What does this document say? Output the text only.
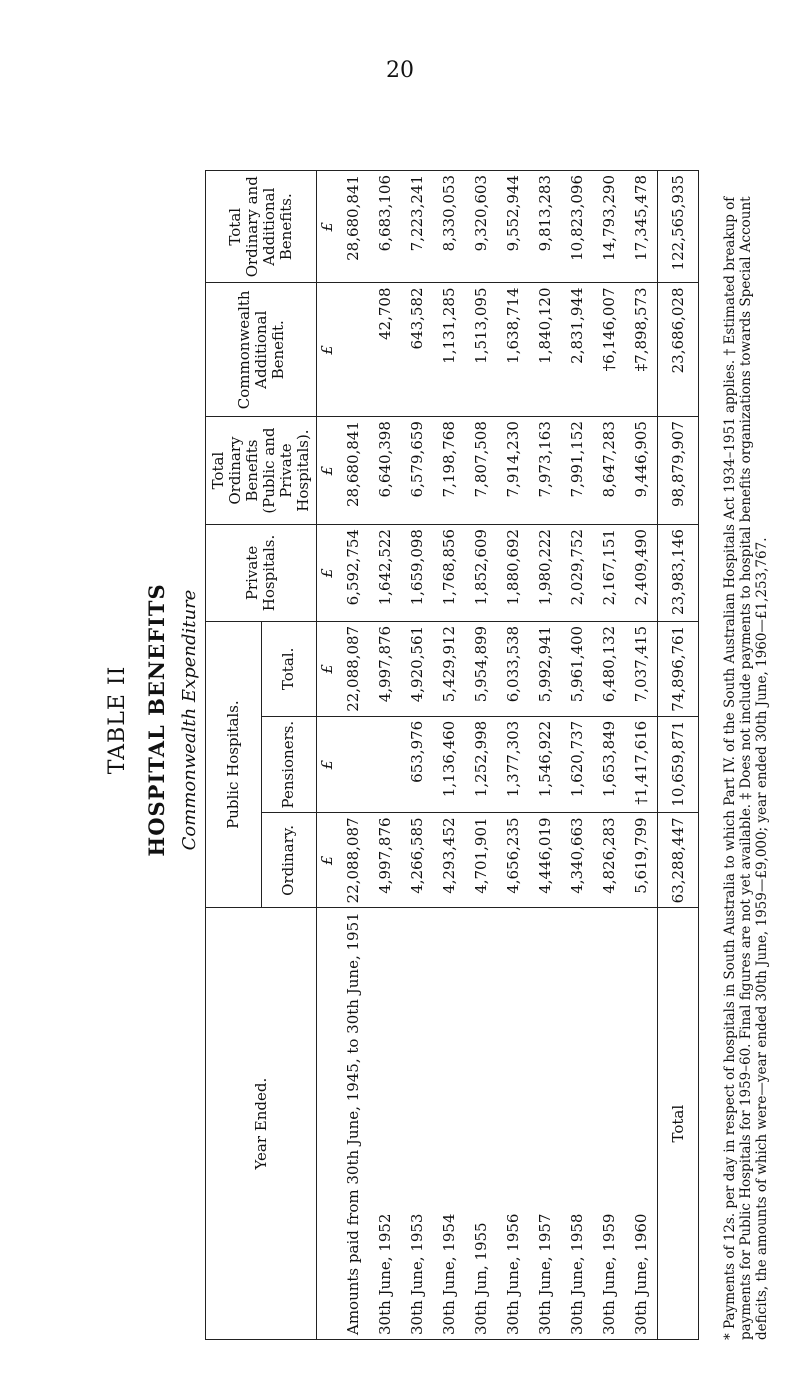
20
TABLE II HOSPITAL BENEFITS Commonwealth Expenditure
Year Ended.	Public Hospitals.			Private Hospitals.	Total Ordinary Benefits (Public and Private Hospitals).	Commonwealth Additional Benefit.	Total Ordinary and Additional Benefits.
	Ordinary.	Pensioners.	Total.				
	£	£	£	£	£	£	£
Amounts paid from 30th June, 1945, to 30th June, 1951	22,088,087		22,088,087	6,592,754	28,680,841		28,680,841
30th June, 1952	4,997,876		4,997,876	1,642,522	6,640,398	42,708	6,683,106
30th June, 1953	4,266,585	653,976	4,920,561	1,659,098	6,579,659	643,582	7,223,241
30th June, 1954	4,293,452	1,136,460	5,429,912	1,768,856	7,198,768	1,131,285	8,330,053
30th Jun, 1955	4,701,901	1,252,998	5,954,899	1,852,609	7,807,508	1,513,095	9,320,603
30th June, 1956	4,656,235	1,377,303	6,033,538	1,880,692	7,914,230	1,638,714	9,552,944
30th June, 1957	4,446,019	1,546,922	5,992,941	1,980,222	7,973,163	1,840,120	9,813,283
30th June, 1958	4,340,663	1,620,737	5,961,400	2,029,752	7,991,152	2,831,944	10,823,096
30th June, 1959	4,826,283	1,653,849	6,480,132	2,167,151	8,647,283	†6,146,007	14,793,290
30th June, 1960	5,619,799	†1,417,616	7,037,415	2,409,490	9,446,905	‡7,898,573	17,345,478
Total	63,288,447	10,659,871	74,896,761	23,983,146	98,879,907	23,686,028	122,565,935	* Payments of 12s. per day in respect of hospitals in South Australia to which Part IV. of the South Australian Hospitals Act 1934–1951 applies. † Estimated breakup of payments for Public Hospitals for 1959–60. Final figures are not yet available. ‡ Does not include payments to hospital benefits organizations towards Special Account deficits, the amounts of which were—year ended 30th June, 1959—£9,000; year ended 30th June, 1960—£1,253,767.
